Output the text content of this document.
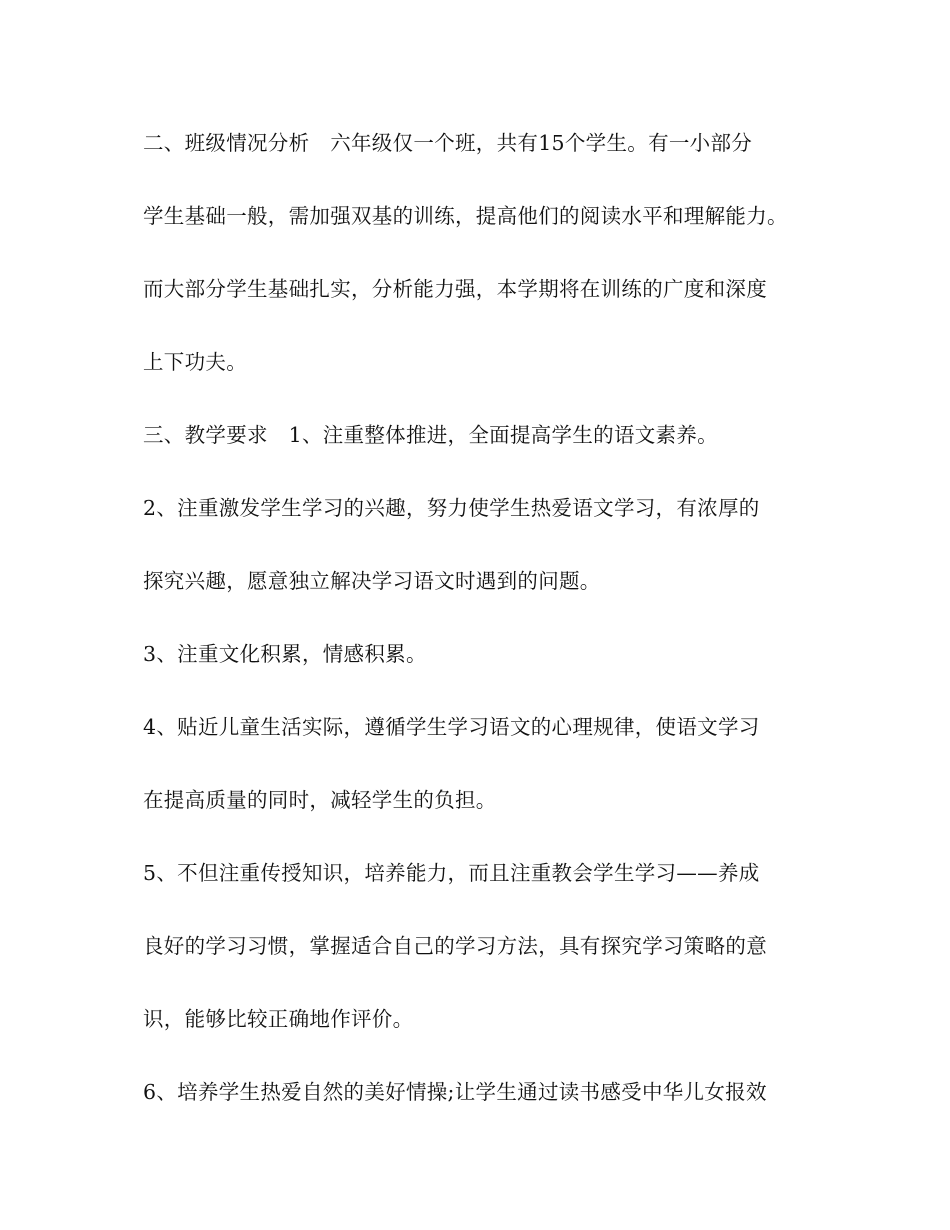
二、班级情况分析　六年级仅一个班，共有15个学生。有一小部分
学生基础一般，需加强双基的训练，提高他们的阅读水平和理解能力。
而大部分学生基础扎实，分析能力强，本学期将在训练的广度和深度
上下功夫。
三、教学要求　1、注重整体推进，全面提高学生的语文素养。
2、注重激发学生学习的兴趣，努力使学生热爱语文学习，有浓厚的
探究兴趣，愿意独立解决学习语文时遇到的问题。
3、注重文化积累，情感积累。
4、贴近儿童生活实际，遵循学生学习语文的心理规律，使语文学习
在提高质量的同时，减轻学生的负担。
5、不但注重传授知识，培养能力，而且注重教会学生学习——养成
良好的学习习惯，掌握适合自己的学习方法，具有探究学习策略的意
识，能够比较正确地作评价。
6、培养学生热爱自然的美好情操;让学生通过读书感受中华儿女报效
